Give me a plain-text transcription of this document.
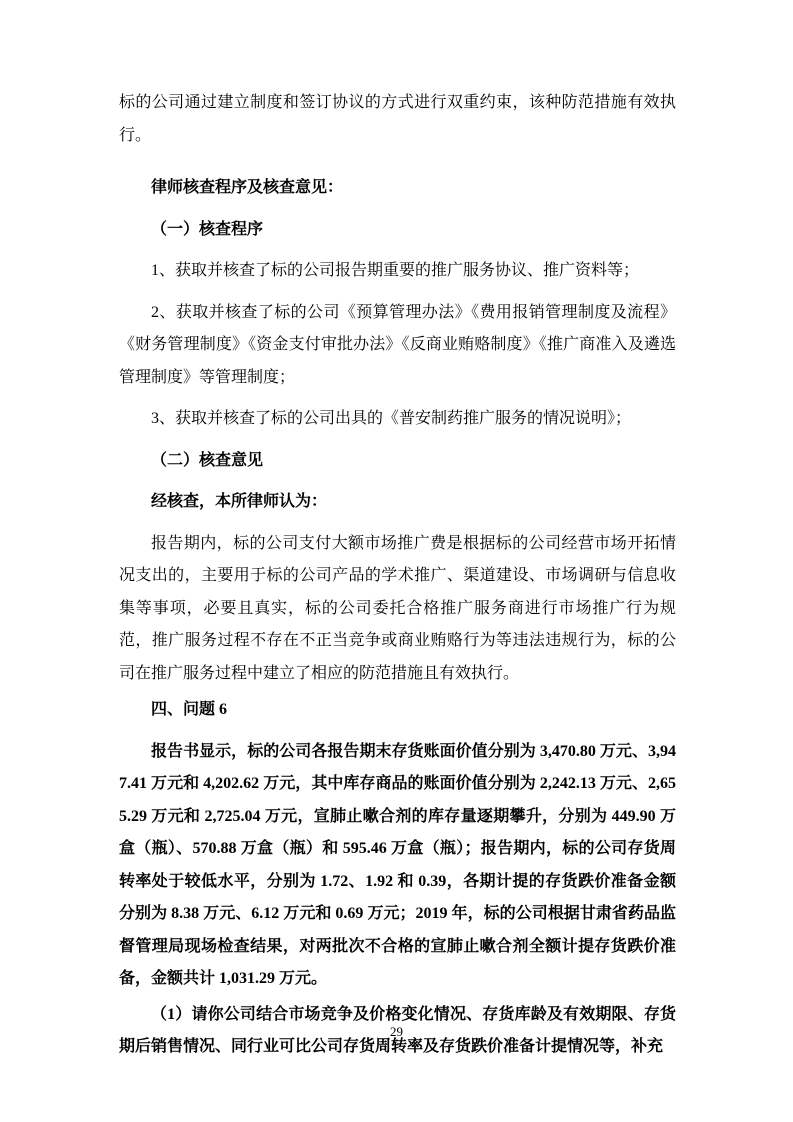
标的公司通过建立制度和签订协议的方式进行双重约束，该种防范措施有效执行。

律师核查程序及核查意见：

（一）核查程序

1、获取并核查了标的公司报告期重要的推广服务协议、推广资料等；

2、获取并核查了标的公司《预算管理办法》《费用报销管理制度及流程》《财务管理制度》《资金支付审批办法》《反商业贿赂制度》《推广商准入及遴选管理制度》等管理制度；

3、获取并核查了标的公司出具的《普安制药推广服务的情况说明》；

（二）核查意见

经核查，本所律师认为：

报告期内，标的公司支付大额市场推广费是根据标的公司经营市场开拓情况支出的，主要用于标的公司产品的学术推广、渠道建设、市场调研与信息收集等事项，必要且真实，标的公司委托合格推广服务商进行市场推广行为规范，推广服务过程不存在不正当竞争或商业贿赂行为等违法违规行为，标的公司在推广服务过程中建立了相应的防范措施且有效执行。

四、问题 6

报告书显示，标的公司各报告期末存货账面价值分别为 3,470.80 万元、3,947.41 万元和 4,202.62 万元，其中库存商品的账面价值分别为 2,242.13 万元、2,655.29 万元和 2,725.04 万元，宣肺止嗽合剂的库存量逐期攀升，分别为 449.90 万盒（瓶）、570.88 万盒（瓶）和 595.46 万盒（瓶）；报告期内，标的公司存货周转率处于较低水平，分别为 1.72、1.92 和 0.39，各期计提的存货跌价准备金额分别为 8.38 万元、6.12 万元和 0.69 万元；2019 年，标的公司根据甘肃省药品监督管理局现场检查结果，对两批次不合格的宣肺止嗽合剂全额计提存货跌价准备，金额共计 1,031.29 万元。

（1）请你公司结合市场竞争及价格变化情况、存货库龄及有效期限、存货期后销售情况、同行业可比公司存货周转率及存货跌价准备计提情况等，补充

29
